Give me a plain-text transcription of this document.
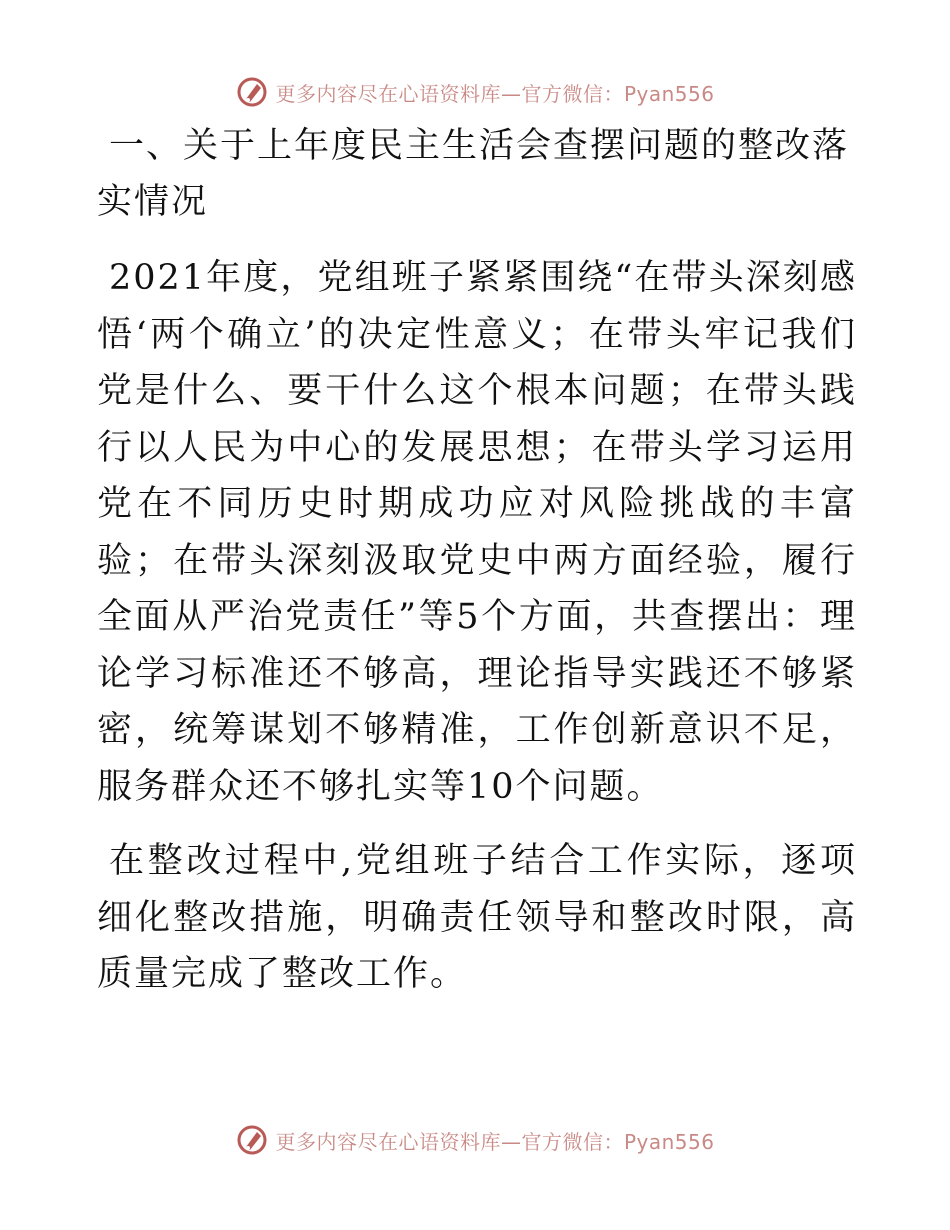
更多内容尽在心语资料库—官方微信：Pyan556
一、关于上年度民主生活会查摆问题的整改落实情况

2021年度，党组班子紧紧围绕“在带头深刻感悟‘两个确立’的决定性意义；在带头牢记我们党是什么、要干什么这个根本问题；在带头践行以人民为中心的发展思想；在带头学习运用党在不同历史时期成功应对风险挑战的丰富验；在带头深刻汲取党史中两方面经验，履行全面从严治党责任”等5个方面，共查摆出：理论学习标准还不够高，理论指导实践还不够紧密，统筹谋划不够精准，工作创新意识不足，服务群众还不够扎实等10个问题。

在整改过程中,党组班子结合工作实际，逐项细化整改措施，明确责任领导和整改时限，高质量完成了整改工作。

更多内容尽在心语资料库—官方微信：Pyan556
